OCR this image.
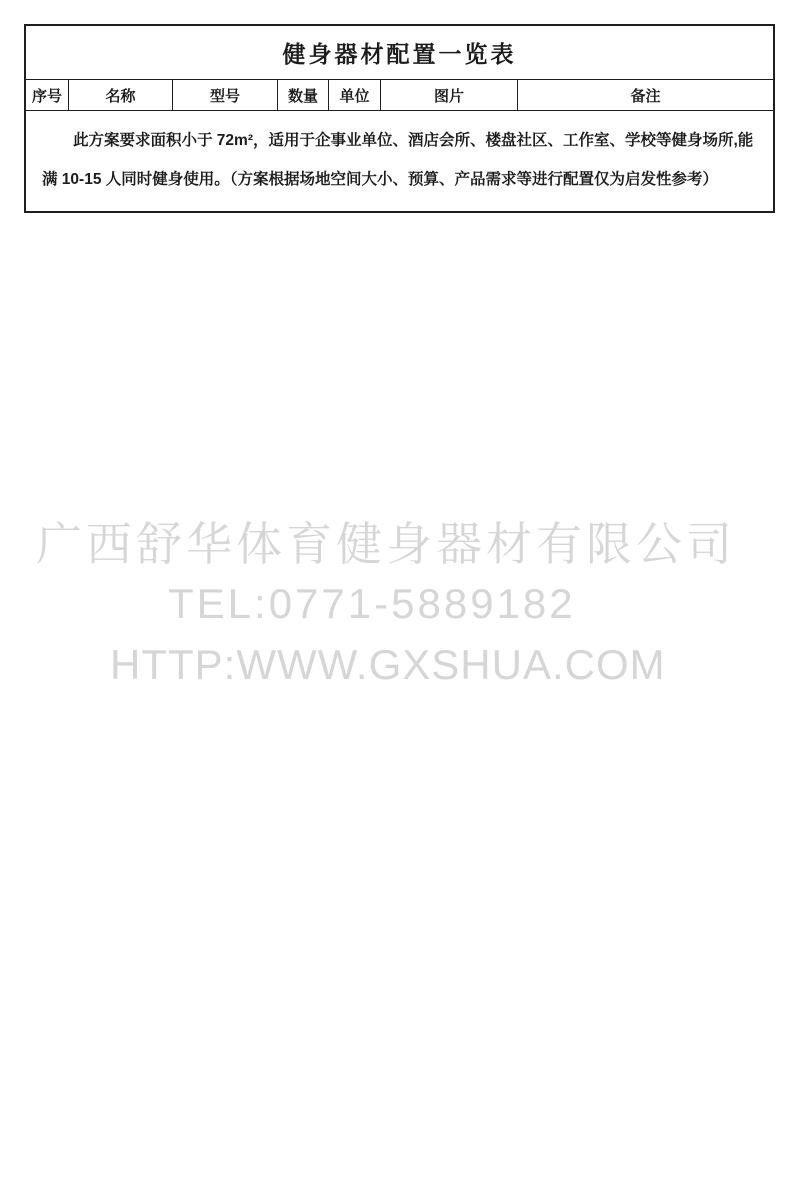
广西舒华体育健身器材有限公司
TEL:0771-5889182
HTTP:WWW.GXSHUA.COM
健身器材配置一览表
序号	名称	型号	数量	单位	图片	备注

此方案要求面积小于 72m²，适用于企事业单位、酒店会所、楼盘社区、工作室、学校等健身场所,能满 10-15 人同时健身使用。（方案根据场地空间大小、预算、产品需求等进行配置仅为启发性参考）
